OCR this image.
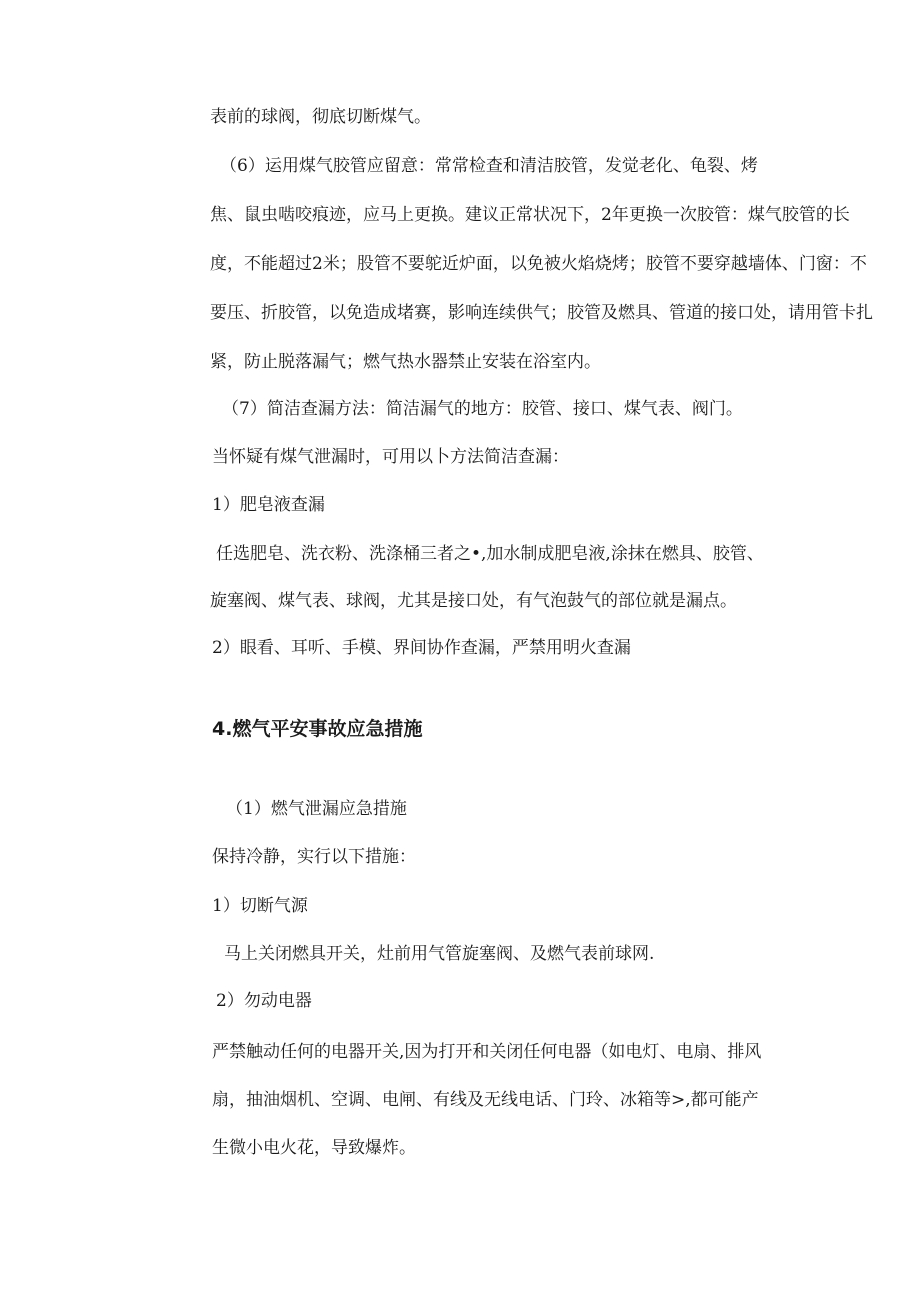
表前的球阀，彻底切断煤气。

（6）运用煤气胶管应留意：常常检查和清洁胶管，发觉老化、龟裂、烤

焦、鼠虫啮咬痕迹，应马上更换。建议正常状况下，2年更换一次胶管：煤气胶管的长

度，不能超过2米；股管不要鸵近炉面，以免被火焰烧烤；胶管不要穿越墙体、门窗：不

要压、折胶管，以免造成堵赛，影响连续供气；胶管及燃具、管道的接口处，请用管卡扎

紧，防止脱落漏气；燃气热水器禁止安装在浴室内。

（7）简洁查漏方法：简洁漏气的地方：胶管、接口、煤气表、阀门。

当怀疑有煤气泄漏时，可用以卜方法简洁查漏：

1）肥皂液查漏

任选肥皂、洗衣粉、洗涤桶三者之•,加水制成肥皂液,涂抹在燃具、胶管、

旋塞阀、煤气表、球阀，尤其是接口处，有气泡鼓气的部位就是漏点。

2）眼看、耳听、手模、界间协作查漏，严禁用明火查漏

4.燃气平安事故应急措施

（1）燃气泄漏应急措施

保持冷静，实行以下措施：

1）切断气源

马上关闭燃具开关，灶前用气管旋塞阀、及燃气表前球网.

2）勿动电器

严禁触动任何的电器开关,因为打开和关闭任何电器（如电灯、电扇、排风

扇，抽油烟机、空调、电闸、有线及无线电话、门玲、冰箱等>,都可能产

生微小电火花，导致爆炸。
